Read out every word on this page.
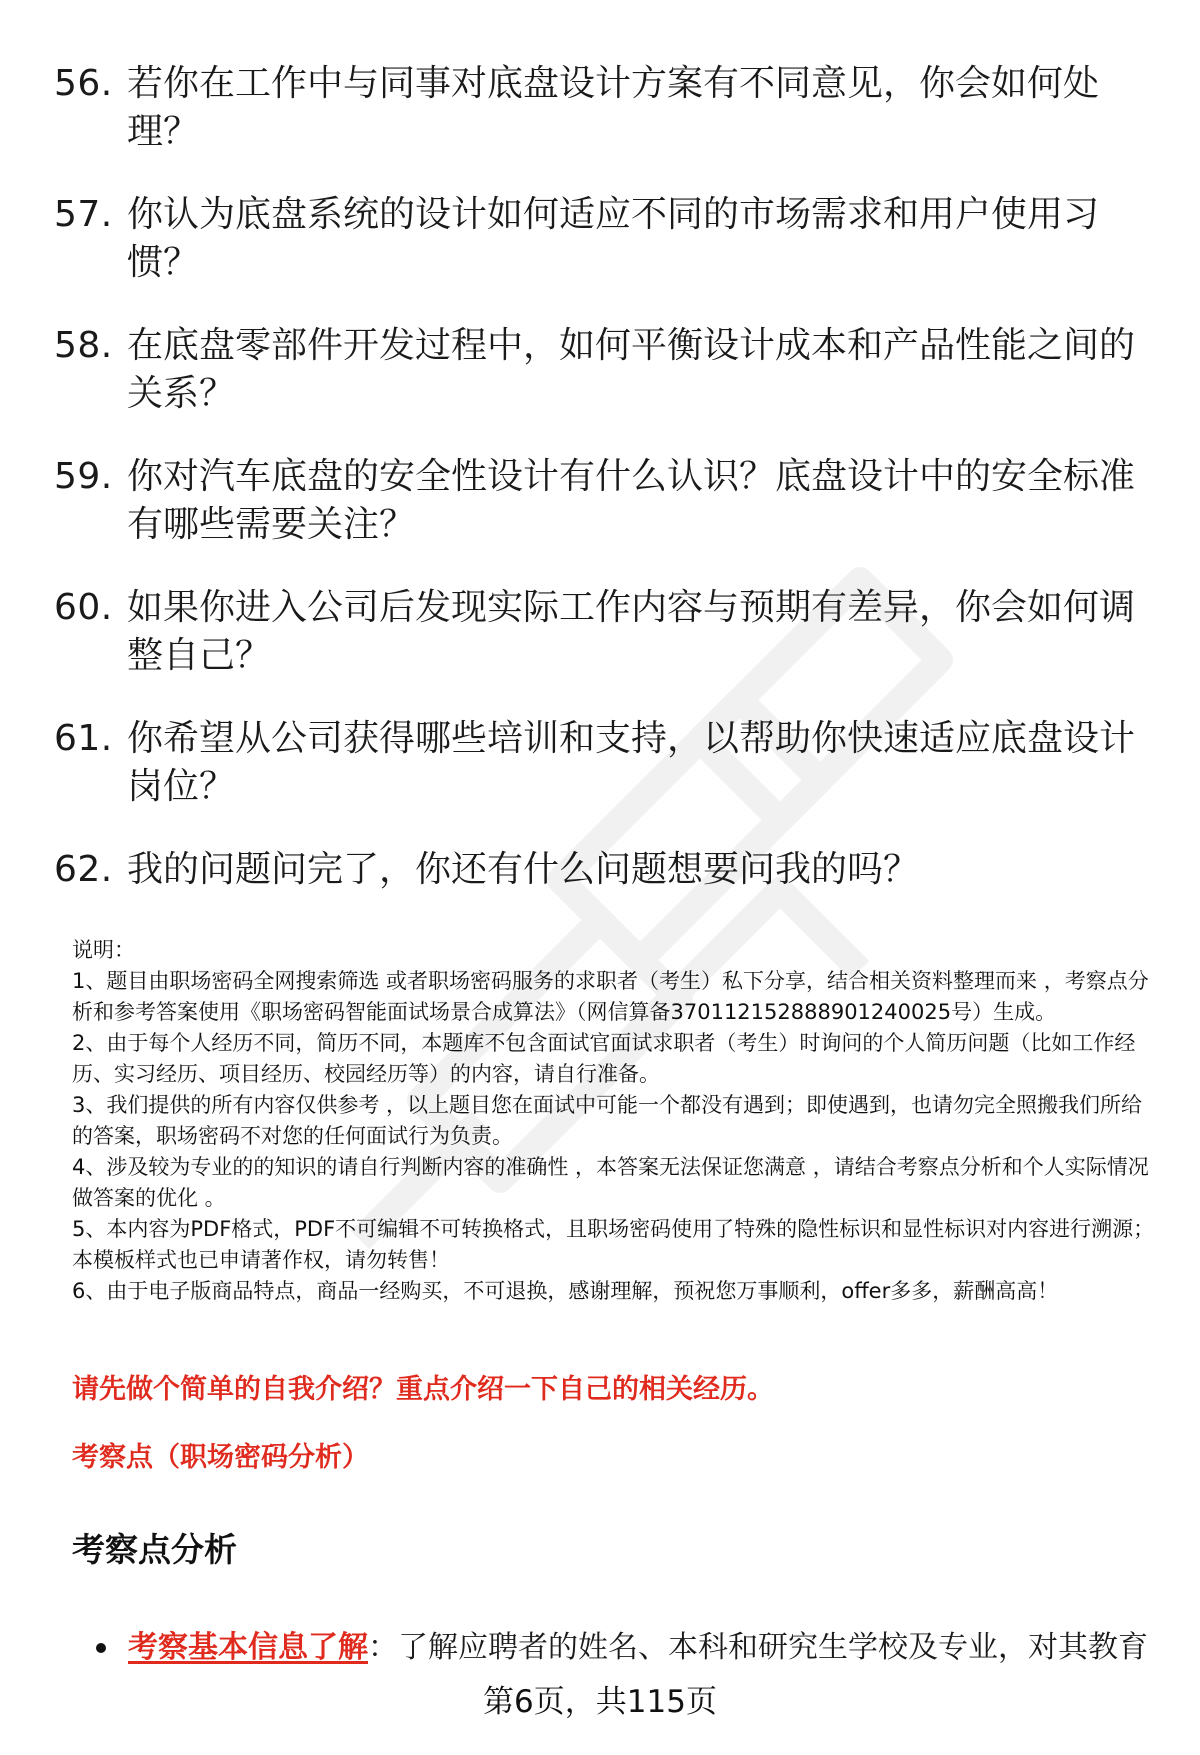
56. 若你在工作中与同事对底盘设计方案有不同意见，你会如何处理？
57. 你认为底盘系统的设计如何适应不同的市场需求和用户使用习惯？
58. 在底盘零部件开发过程中，如何平衡设计成本和产品性能之间的关系？
59. 你对汽车底盘的安全性设计有什么认识？底盘设计中的安全标准有哪些需要关注？
60. 如果你进入公司后发现实际工作内容与预期有差异，你会如何调整自己？
61. 你希望从公司获得哪些培训和支持，以帮助你快速适应底盘设计岗位？
62. 我的问题问完了，你还有什么问题想要问我的吗？

说明：

1、题目由职场密码全网搜索筛选 或者职场密码服务的求职者（考生）私下分享，结合相关资料整理而来 ，考察点分析和参考答案使用《职场密码智能面试场景合成算法》（网信算备370112152888901240025号）生成。

2、由于每个人经历不同，简历不同，本题库不包含面试官面试求职者（考生）时询问的个人简历问题（比如工作经历、实习经历、项目经历、校园经历等）的内容，请自行准备。

3、我们提供的所有内容仅供参考 ，以上题目您在面试中可能一个都没有遇到；即使遇到，也请勿完全照搬我们所给的答案，职场密码不对您的任何面试行为负责。

4、涉及较为专业的的知识的请自行判断内容的准确性 ，本答案无法保证您满意 ，请结合考察点分析和个人实际情况做答案的优化 。

5、本内容为PDF格式，PDF不可编辑不可转换格式，且职场密码使用了特殊的隐性标识和显性标识对内容进行溯源；本模板样式也已申请著作权，请勿转售！

6、由于电子版商品特点，商品一经购买，不可退换，感谢理解，预祝您万事顺利，offer多多，薪酬高高！

请先做个简单的自我介绍？重点介绍一下自己的相关经历。
考察点（职场密码分析）
考察点分析
考察基本信息了解 ：了解应聘者的姓名、本科和研究生学校及专业，对其教育
第6页，共115页
